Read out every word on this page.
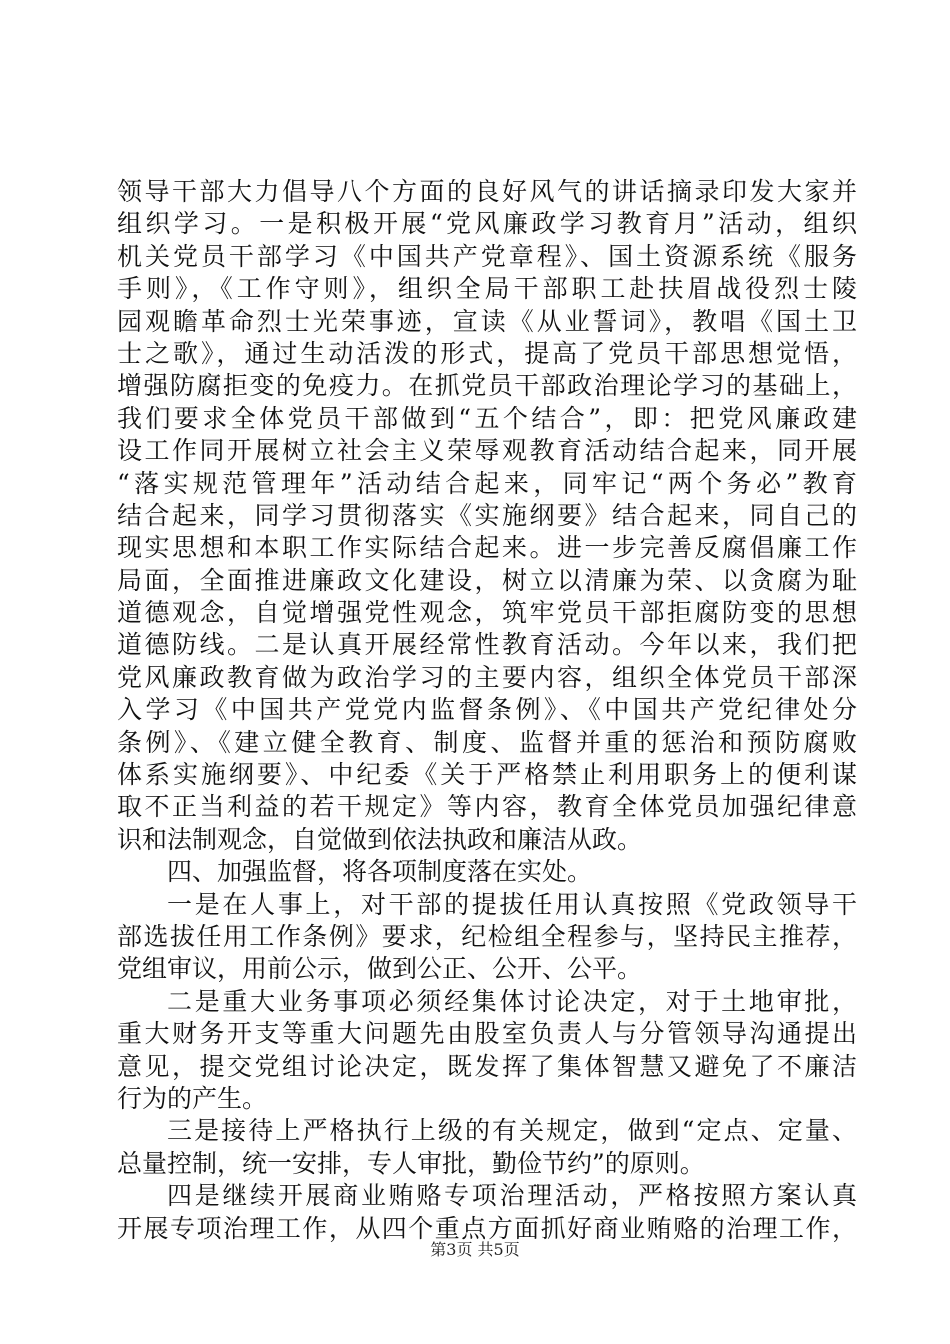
领导干部大力倡导八个方面的良好风气的讲话摘录印发大家并
组织学习。一是积极开展“党风廉政学习教育月”活动，组织
机关党员干部学习《中国共产党章程》、国土资源系统《服务
手则》，《工作守则》，组织全局干部职工赴扶眉战役烈士陵
园观瞻革命烈士光荣事迹，宣读《从业誓词》，教唱《国土卫
士之歌》，通过生动活泼的形式，提高了党员干部思想觉悟，
增强防腐拒变的免疫力。在抓党员干部政治理论学习的基础上，
我们要求全体党员干部做到“五个结合”，即：把党风廉政建
设工作同开展树立社会主义荣辱观教育活动结合起来，同开展
“落实规范管理年”活动结合起来，同牢记“两个务必”教育
结合起来，同学习贯彻落实《实施纲要》结合起来，同自己的
现实思想和本职工作实际结合起来。进一步完善反腐倡廉工作
局面，全面推进廉政文化建设，树立以清廉为荣、以贪腐为耻
道德观念，自觉增强党性观念，筑牢党员干部拒腐防变的思想
道德防线。二是认真开展经常性教育活动。今年以来，我们把
党风廉政教育做为政治学习的主要内容，组织全体党员干部深
入学习《中国共产党党内监督条例》、《中国共产党纪律处分
条例》、《建立健全教育、制度、监督并重的惩治和预防腐败
体系实施纲要》、中纪委《关于严格禁止利用职务上的便利谋
取不正当利益的若干规定》等内容，教育全体党员加强纪律意
识和法制观念，自觉做到依法执政和廉洁从政。
四、加强监督，将各项制度落在实处。
一是在人事上，对干部的提拔任用认真按照《党政领导干
部选拔任用工作条例》要求，纪检组全程参与，坚持民主推荐，
党组审议，用前公示，做到公正、公开、公平。
二是重大业务事项必须经集体讨论决定，对于土地审批，
重大财务开支等重大问题先由股室负责人与分管领导沟通提出
意见，提交党组讨论决定，既发挥了集体智慧又避免了不廉洁
行为的产生。
三是接待上严格执行上级的有关规定，做到“定点、定量、
总量控制，统一安排，专人审批，勤俭节约”的原则。
四是继续开展商业贿赂专项治理活动，严格按照方案认真
开展专项治理工作，从四个重点方面抓好商业贿赂的治理工作，
第3页 共5页
